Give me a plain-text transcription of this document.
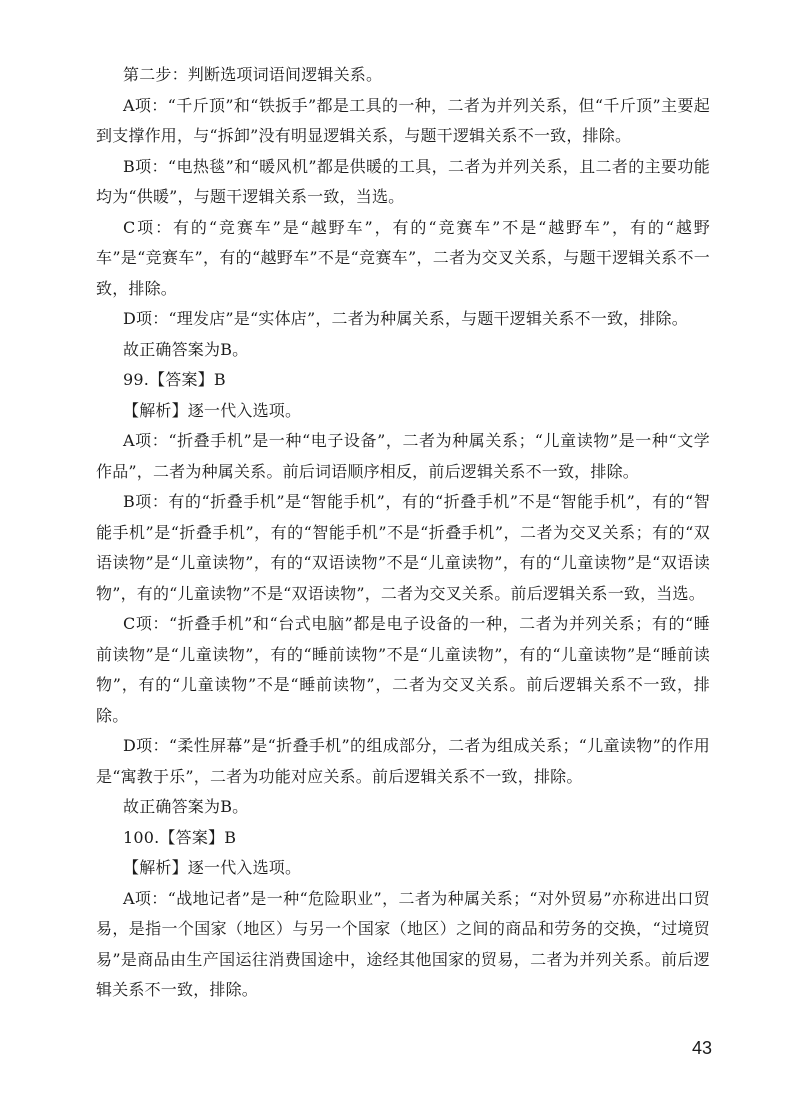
第二步：判断选项词语间逻辑关系。

A项：“千斤顶”和“铁扳手”都是工具的一种，二者为并列关系，但“千斤顶”主要起到支撑作用，与“拆卸”没有明显逻辑关系，与题干逻辑关系不一致，排除。

B项：“电热毯”和“暖风机”都是供暖的工具，二者为并列关系，且二者的主要功能均为“供暖”，与题干逻辑关系一致，当选。

C项：有的“竞赛车”是“越野车”，有的“竞赛车”不是“越野车”，有的“越野车”是“竞赛车”，有的“越野车”不是“竞赛车”，二者为交叉关系，与题干逻辑关系不一致，排除。

D项：“理发店”是“实体店”，二者为种属关系，与题干逻辑关系不一致，排除。

故正确答案为B。

99.【答案】B

【解析】逐一代入选项。

A项：“折叠手机”是一种“电子设备”，二者为种属关系；“儿童读物”是一种“文学作品”，二者为种属关系。前后词语顺序相反，前后逻辑关系不一致，排除。

B项：有的“折叠手机”是“智能手机”，有的“折叠手机”不是“智能手机”，有的“智能手机”是“折叠手机”，有的“智能手机”不是“折叠手机”，二者为交叉关系；有的“双语读物”是“儿童读物”，有的“双语读物”不是“儿童读物”，有的“儿童读物”是“双语读物”，有的“儿童读物”不是“双语读物”，二者为交叉关系。前后逻辑关系一致，当选。

C项：“折叠手机”和“台式电脑”都是电子设备的一种，二者为并列关系；有的“睡前读物”是“儿童读物”，有的“睡前读物”不是“儿童读物”，有的“儿童读物”是“睡前读物”，有的“儿童读物”不是“睡前读物”，二者为交叉关系。前后逻辑关系不一致，排除。

D项：“柔性屏幕”是“折叠手机”的组成部分，二者为组成关系；“儿童读物”的作用是“寓教于乐”，二者为功能对应关系。前后逻辑关系不一致，排除。

故正确答案为B。

100.【答案】B

【解析】逐一代入选项。

A项：“战地记者”是一种“危险职业”，二者为种属关系；“对外贸易”亦称进出口贸易，是指一个国家（地区）与另一个国家（地区）之间的商品和劳务的交换，“过境贸易”是商品由生产国运往消费国途中，途经其他国家的贸易，二者为并列关系。前后逻辑关系不一致，排除。

43
